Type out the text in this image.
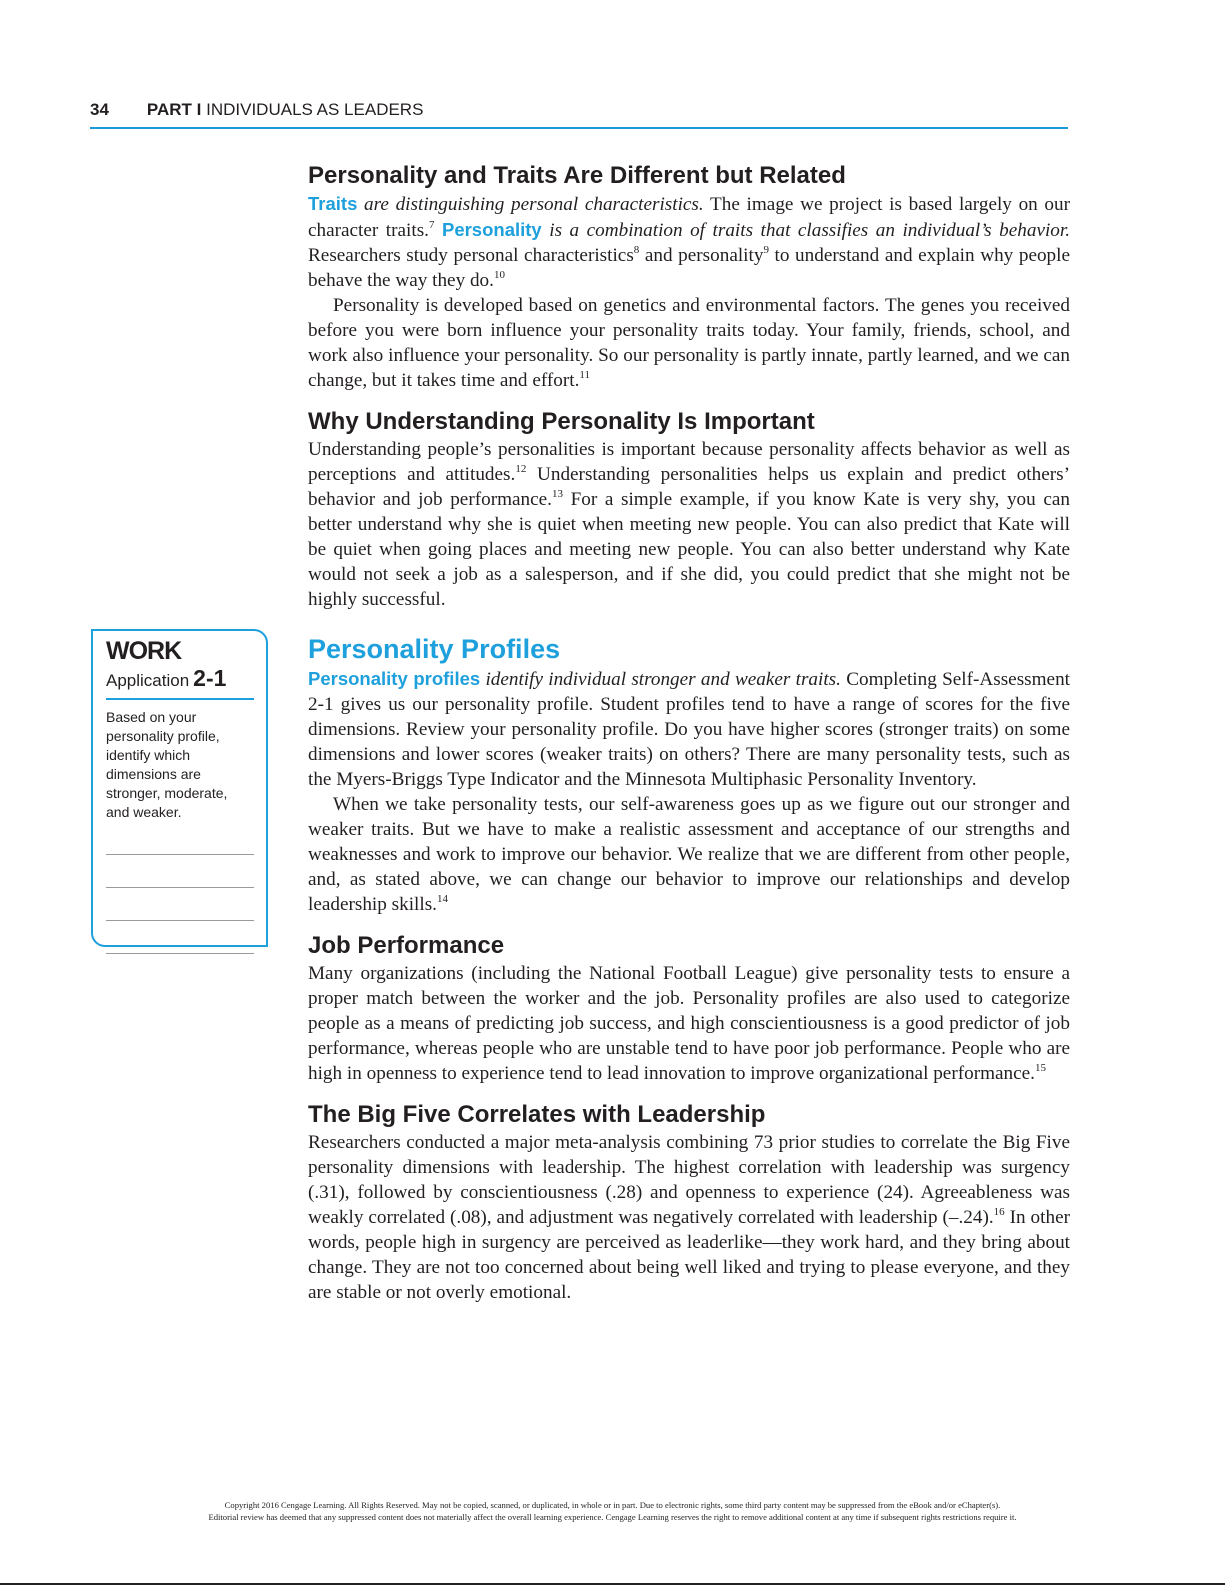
34 PART I INDIVIDUALS AS LEADERS
Personality and Traits Are Different but Related

Traits are distinguishing personal characteristics. The image we project is based largely on our character traits.$^7$ Personality is a combination of traits that classifies an individual’s behavior. Researchers study personal characteristics$^8$ and personality$^9$ to understand and explain why people behave the way they do.$^{10}$

Personality is developed based on genetics and environmental factors. The genes you received before you were born influence your personality traits today. Your family, friends, school, and work also influence your personality. So our personality is partly innate, partly learned, and we can change, but it takes time and effort.$^{11}$

Why Understanding Personality Is Important

Understanding people’s personalities is important because personality affects behavior as well as perceptions and attitudes.$^{12}$ Understanding personalities helps us explain and predict others’ behavior and job performance.$^{13}$ For a simple example, if you know Kate is very shy, you can better understand why she is quiet when meeting new people. You can also predict that Kate will be quiet when going places and meeting new people. You can also better understand why Kate would not seek a job as a salesperson, and if she did, you could predict that she might not be highly successful.

Personality Profiles

Personality profiles identify individual stronger and weaker traits. Completing Self-Assessment 2-1 gives us our personality profile. Student profiles tend to have a range of scores for the five dimensions. Review your personality profile. Do you have higher scores (stronger traits) on some dimensions and lower scores (weaker traits) on others? There are many personality tests, such as the Myers-Briggs Type Indicator and the Minnesota Multiphasic Personality Inventory.

When we take personality tests, our self-awareness goes up as we figure out our stronger and weaker traits. But we have to make a realistic assessment and acceptance of our strengths and weaknesses and work to improve our behavior. We realize that we are different from other people, and, as stated above, we can change our behavior to improve our relationships and develop leadership skills.$^{14}$

Job Performance

Many organizations (including the National Football League) give personality tests to ensure a proper match between the worker and the job. Personality profiles are also used to categorize people as a means of predicting job success, and high conscientiousness is a good predictor of job performance, whereas people who are unstable tend to have poor job performance. People who are high in openness to experience tend to lead innovation to improve organizational performance.$^{15}$

The Big Five Correlates with Leadership

Researchers conducted a major meta-analysis combining 73 prior studies to correlate the Big Five personality dimensions with leadership. The highest correlation with leadership was surgency (.31), followed by conscientiousness (.28) and openness to experience (24). Agreeableness was weakly correlated (.08), and adjustment was negatively correlated with leadership (–.24).$^{16}$ In other words, people high in surgency are perceived as leaderlike—they work hard, and they bring about change. They are not too concerned about being well liked and trying to please everyone, and they are stable or not overly emotional.

WORK
Application 2-1
Based on your personality profile, identify which dimensions are stronger, moderate, and weaker.
Copyright 2016 Cengage Learning. All Rights Reserved. May not be copied, scanned, or duplicated, in whole or in part. Due to electronic rights, some third party content may be suppressed from the eBook and/or eChapter(s).
Editorial review has deemed that any suppressed content does not materially affect the overall learning experience. Cengage Learning reserves the right to remove additional content at any time if subsequent rights restrictions require it.
